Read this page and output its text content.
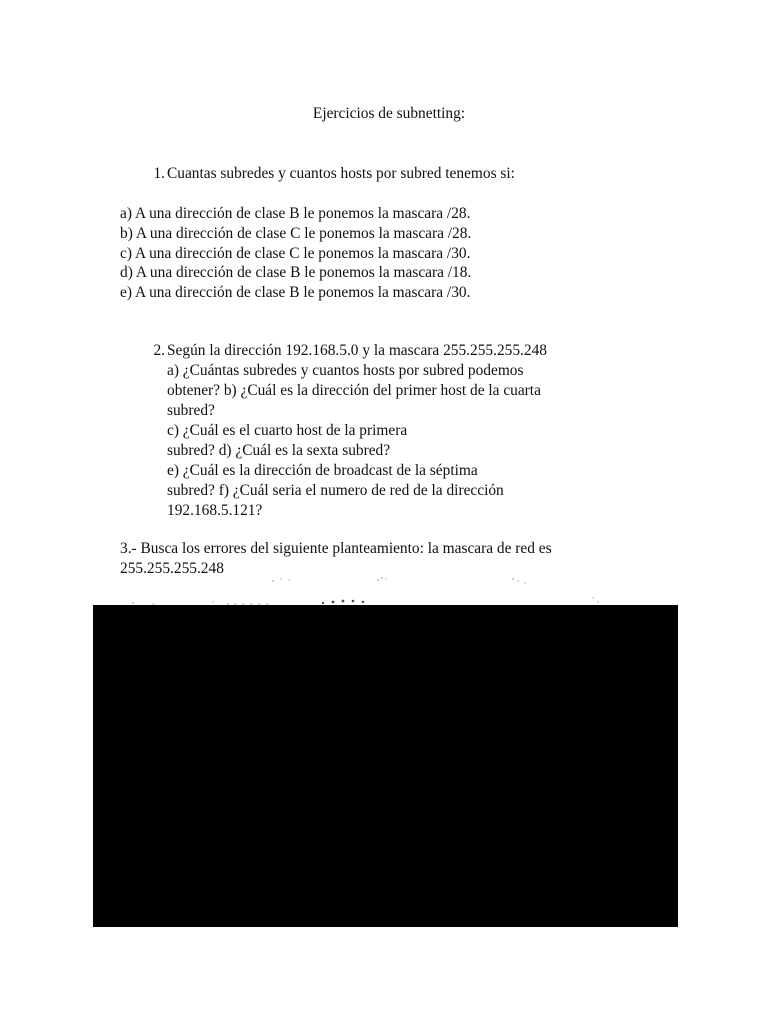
Ejercicios de subnetting:
1. Cuantas subredes y cuantos hosts por subred tenemos si:
a) A una dirección de clase B le ponemos la mascara /28.
b) A una dirección de clase C le ponemos la mascara /28.
c) A una dirección de clase C le ponemos la mascara /30.
d) A una dirección de clase B le ponemos la mascara /18.
e) A una dirección de clase B le ponemos la mascara /30.
2. Según la dirección 192.168.5.0 y la mascara 255.255.255.248
a) ¿Cuántas subredes y cuantos hosts por subred podemos
obtener? b) ¿Cuál es la dirección del primer host de la cuarta
subred?
c) ¿Cuál es el cuarto host de la primera
subred? d) ¿Cuál es la sexta subred?
e) ¿Cuál es la dirección de broadcast de la séptima
subred? f) ¿Cuál seria el numero de red de la dirección
192.168.5.121?
3.- Busca los errores del siguiente planteamiento: la mascara de red es
255.255.255.248
